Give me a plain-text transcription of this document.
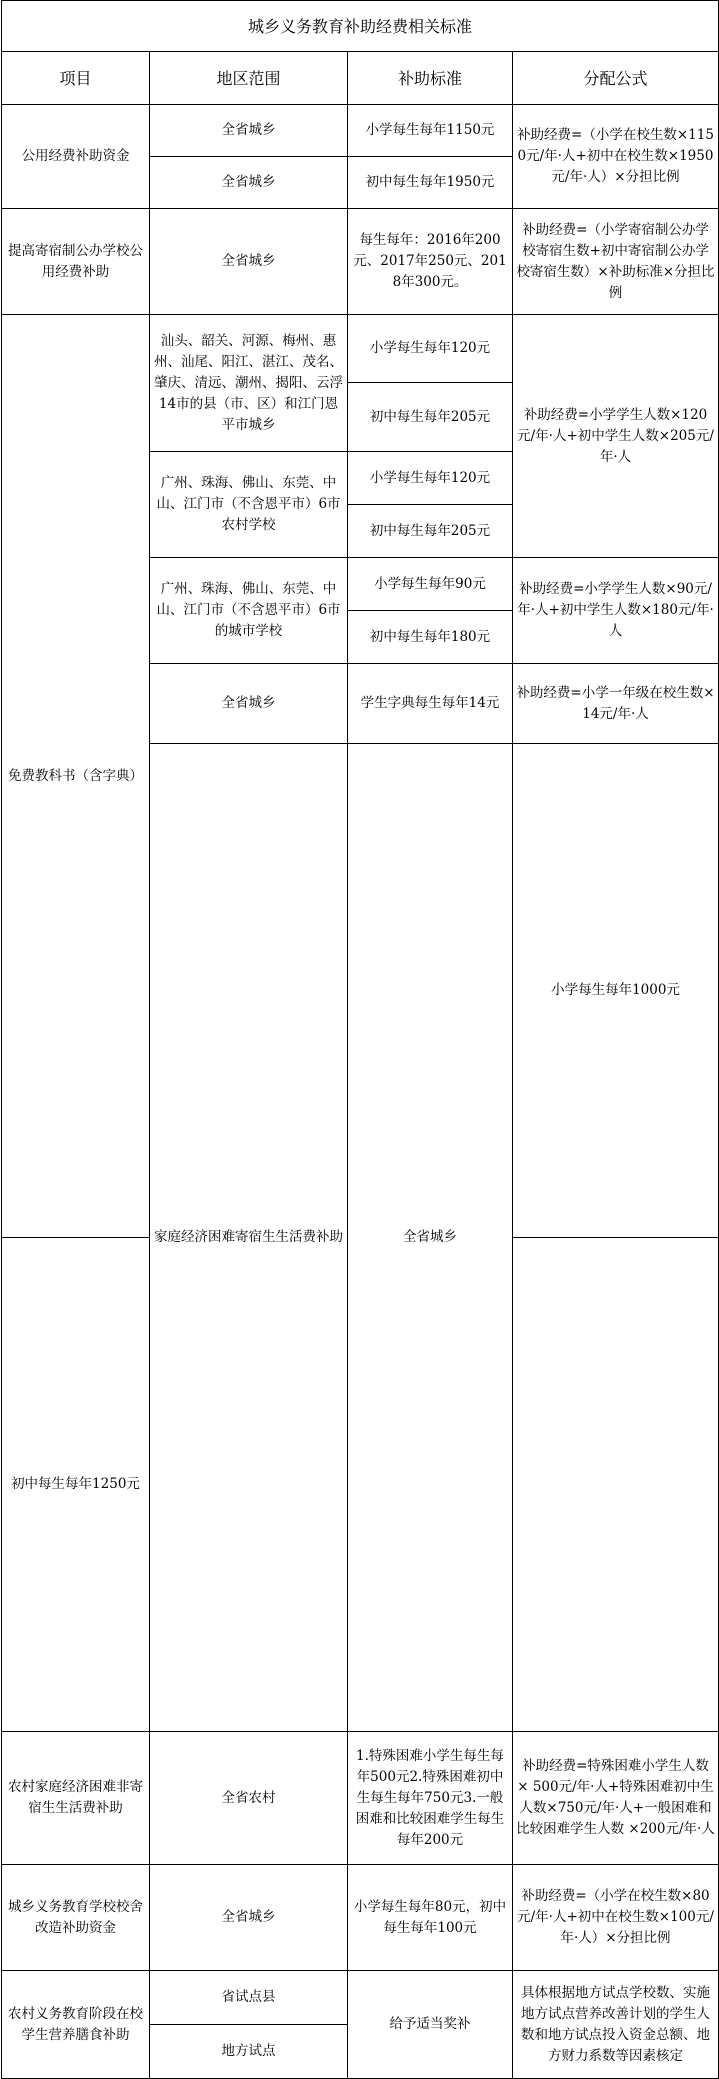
城乡义务教育补助经费相关标准				
项目	地区范围	补助标准	分配公式	
公用经费补助资金	全省城乡	小学每生每年1150元	补助经费=（小学在校生数×1150元/年·人+初中在校生数×1950元/年·人）×分担比例	
	全省城乡	初中每生每年1950元		
提高寄宿制公办学校公用经费补助	全省城乡	每生每年：2016年200元、2017年250元、2018年300元。	补助经费=（小学寄宿制公办学校寄宿生数+初中寄宿制公办学校寄宿生数）×补助标准×分担比例	
免费教科书（含字典）	汕头、韶关、河源、梅州、惠州、汕尾、阳江、湛江、茂名、肇庆、清远、潮州、揭阳、云浮14市的县（市、区）和江门恩平市城乡	小学每生每年120元	补助经费=小学学生人数×120元/年·人+初中学生人数×205元/年·人	
		初中每生每年205元		
	广州、珠海、佛山、东莞、中山、江门市（不含恩平市）6市农村学校	小学每生每年120元		
		初中每生每年205元		
	广州、珠海、佛山、东莞、中山、江门市（不含恩平市）6市的城市学校	小学每生每年90元	补助经费=小学学生人数×90元/年·人+初中学生人数×180元/年·人	
		初中每生每年180元		
	全省城乡	学生字典每生每年14元	补助经费=小学一年级在校生数×14元/年·人	
	家庭经济困难寄宿生生活费补助	全省城乡	小学每生每年1000元	
初中每生每年1250元				
农村家庭经济困难非寄宿生生活费补助	全省农村	1.特殊困难小学生每生每年500元2.特殊困难初中生每生每年750元3.一般困难和比较困难学生每生每年200元	补助经费=特殊困难小学生人数 × 500元/年·人+特殊困难初中生人数×750元/年·人+一般困难和比较困难学生人数 ×200元/年·人	
城乡义务教育学校校舍改造补助资金	全省城乡	小学每生每年80元，初中每生每年100元	补助经费=（小学在校生数×80元/年·人+初中在校生数×100元/年·人）×分担比例	
农村义务教育阶段在校学生营养膳食补助	省试点县	给予适当奖补	具体根据地方试点学校数、实施地方试点营养改善计划的学生人数和地方试点投入资金总额、地方财力系数等因素核定	
	地方试点			
